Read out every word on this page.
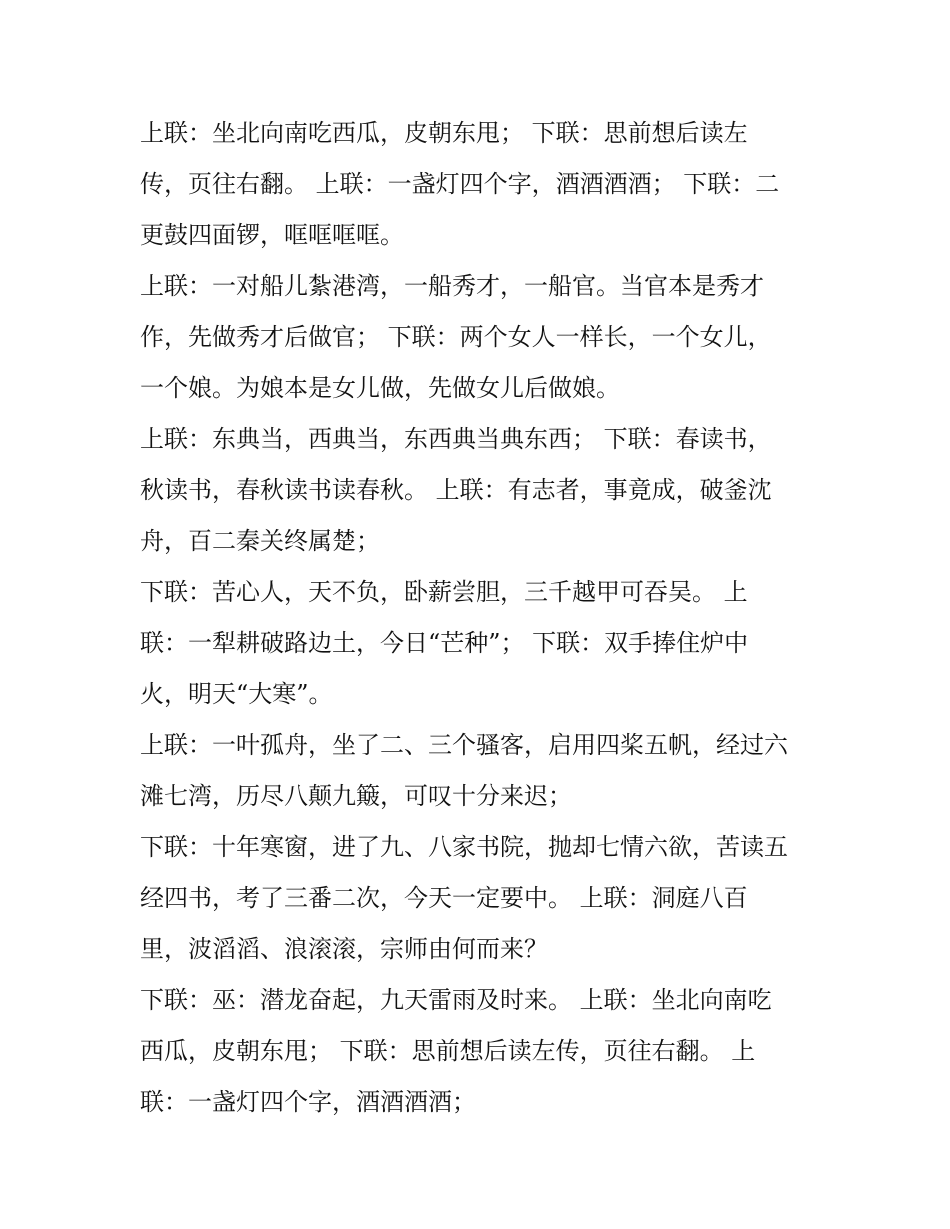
上联：坐北向南吃西瓜，皮朝东甩； 下联：思前想后读左
传，页往右翻。 上联：一盏灯四个字，酒酒酒酒； 下联：二
更鼓四面锣，哐哐哐哐。
上联：一对船儿紮港湾，一船秀才，一船官。当官本是秀才
作，先做秀才后做官； 下联：两个女人一样长，一个女儿，
一个娘。为娘本是女儿做，先做女儿后做娘。
上联：东典当，西典当，东西典当典东西； 下联：春读书，
秋读书，春秋读书读春秋。 上联：有志者，事竟成，破釜沈
舟，百二秦关终属楚；
下联：苦心人，天不负，卧薪尝胆，三千越甲可吞吴。 上
联：一犁耕破路边土，今日“芒种”； 下联：双手捧住炉中
火，明天“大寒”。
上联：一叶孤舟，坐了二、三个骚客，启用四桨五帆，经过六
滩七湾，历尽八颠九簸，可叹十分来迟；
下联：十年寒窗，进了九、八家书院，抛却七情六欲，苦读五
经四书，考了三番二次，今天一定要中。 上联：洞庭八百
里，波滔滔、浪滚滚，宗师由何而来？
下联：巫：潜龙奋起，九天雷雨及时来。 上联：坐北向南吃
西瓜，皮朝东甩； 下联：思前想后读左传，页往右翻。 上
联：一盏灯四个字，酒酒酒酒；
